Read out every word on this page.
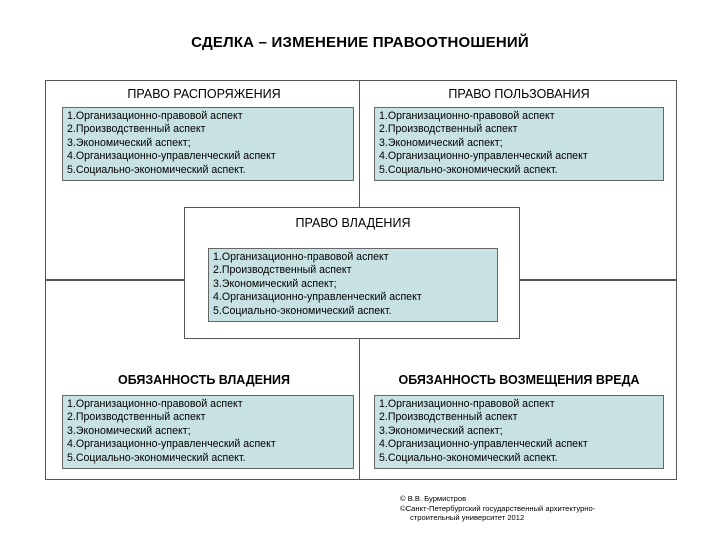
СДЕЛКА – ИЗМЕНЕНИЕ ПРАВООТНОШЕНИЙ
ПРАВО РАСПОРЯЖЕНИЯ
1.Организационно-правовой аспект
2.Производственный аспект
3.Экономический аспект;
4.Организационно-управленческий аспект
5.Социально-экономический аспект.
ПРАВО ПОЛЬЗОВАНИЯ
1.Организационно-правовой аспект
2.Производственный аспект
3.Экономический аспект;
4.Организационно-управленческий аспект
5.Социально-экономический аспект.
ОБЯЗАННОСТЬ ВЛАДЕНИЯ
1.Организационно-правовой аспект
2.Производственный аспект
3.Экономический аспект;
4.Организационно-управленческий аспект
5.Социально-экономический аспект.
ОБЯЗАННОСТЬ ВОЗМЕЩЕНИЯ ВРЕДА
1.Организационно-правовой аспект
2.Производственный аспект
3.Экономический аспект;
4.Организационно-управленческий аспект
5.Социально-экономический аспект.
ПРАВО ВЛАДЕНИЯ
1.Организационно-правовой аспект
2.Производственный аспект
3.Экономический аспект;
4.Организационно-управленческий аспект
5.Социально-экономический аспект.
© В.В. Бурмистров
©Санкт-Петербургский государственный архитектурно-
строительный университет 2012
